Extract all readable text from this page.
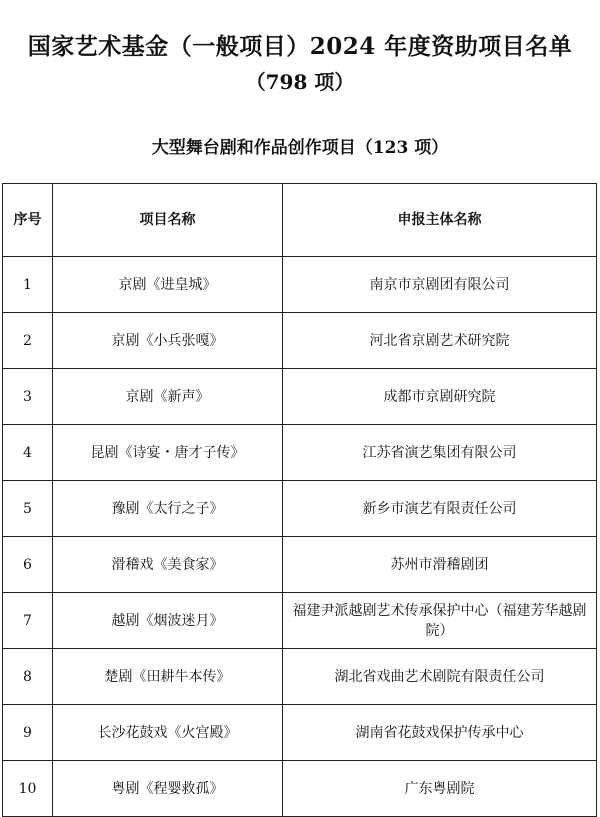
国家艺术基金（一般项目）2024 年度资助项目名单
（798 项）
大型舞台剧和作品创作项目（123 项）
序号	项目名称	申报主体名称
1	京剧《进皇城》	南京市京剧团有限公司
2	京剧《小兵张嘎》	河北省京剧艺术研究院
3	京剧《新声》	成都市京剧研究院
4	昆剧《诗宴・唐才子传》	江苏省演艺集团有限公司
5	豫剧《太行之子》	新乡市演艺有限责任公司
6	滑稽戏《美食家》	苏州市滑稽剧团
7	越剧《烟波迷月》	福建尹派越剧艺术传承保护中心（福建芳华越剧院）
8	楚剧《田耕牛本传》	湖北省戏曲艺术剧院有限责任公司
9	长沙花鼓戏《火宫殿》	湖南省花鼓戏保护传承中心
10	粤剧《程婴救孤》	广东粤剧院
